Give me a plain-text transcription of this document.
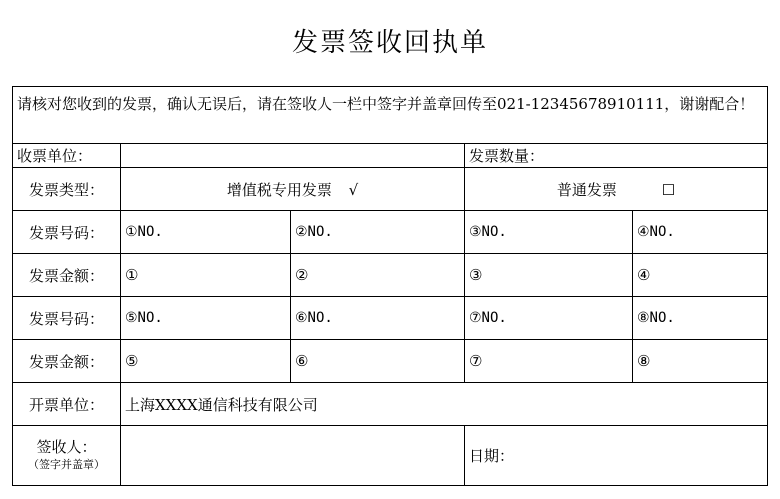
发票签收回执单
请核对您收到的发票，确认无误后，请在签收人一栏中签字并盖章回传至021-12345678910111，谢谢配合！				
收票单位：			发票数量：	
发票类型：	增值税专用发票 √		普通发票 ☐	
发票号码：	①NO.	②NO.	③NO.	④NO.
发票金额：	①	②	③	④
发票号码：	⑤NO.	⑥NO.	⑦NO.	⑧NO.
发票金额：	⑤	⑥	⑦	⑧
开票单位：	上海XXXX通信科技有限公司			

签收人：
（签字并盖章）			日期：	
